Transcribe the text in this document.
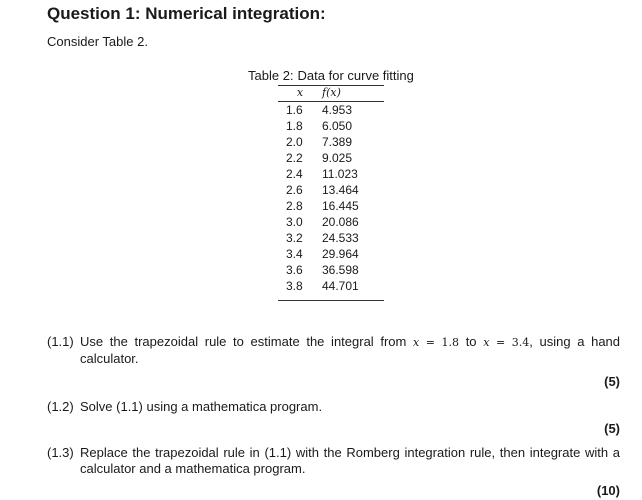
Question 1: Numerical integration:

Consider Table 2.

Table 2: Data for curve fitting
x	f(x)
1.6	4.953
1.8	6.050
2.0	7.389
2.2	9.025
2.4	11.023
2.6	13.464
2.8	16.445
3.0	20.086
3.2	24.533
3.4	29.964
3.6	36.598
3.8	44.701
(1.1) Use the trapezoidal rule to estimate the integral from x = 1.8 to x = 3.4, using a hand calculator.
(5)
(1.2) Solve (1.1) using a mathematica program.
(5)
(1.3) Replace the trapezoidal rule in (1.1) with the Romberg integration rule, then integrate with a calculator and a mathematica program.
(10)
